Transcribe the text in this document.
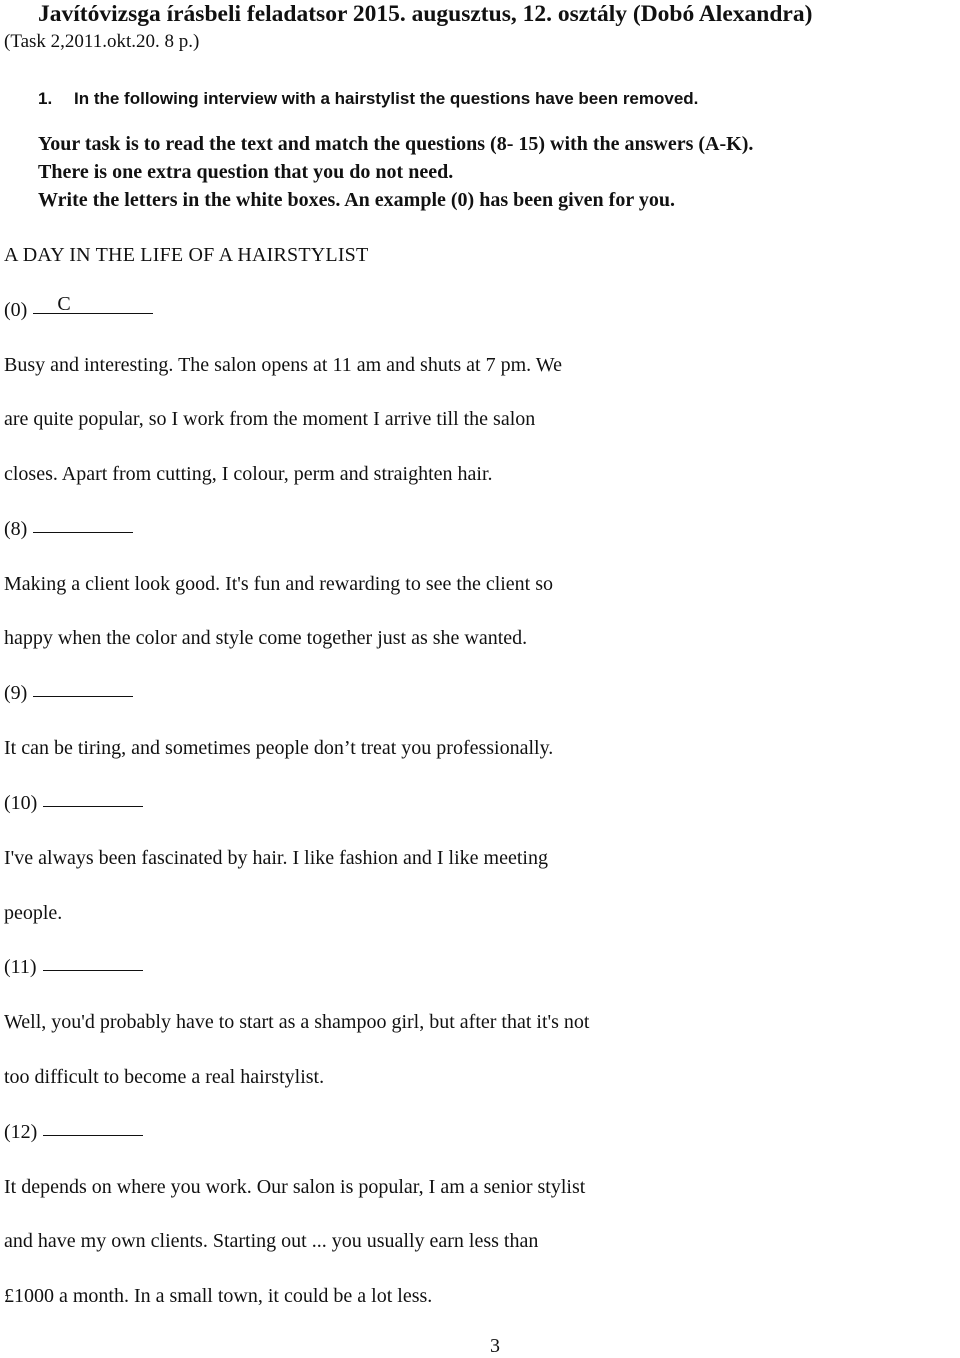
Javítóvizsga írásbeli feladatsor 2015. augusztus, 12. osztály (Dobó Alexandra)
(Task 2,2011.okt.20. 8 p.)
1. In the following interview with a hairstylist the questions have been removed.
Your task is to read the text and match the questions (8- 15) with the answers (A-K).
There is one extra question that you do not need.
Write the letters in the white boxes. An example (0) has been given for you.
A DAY IN THE LIFE OF A HAIRSTYLIST
(0) C
Busy and interesting. The salon opens at 11 am and shuts at 7 pm. We
are quite popular, so I work from the moment I arrive till the salon
closes. Apart from cutting, I colour, perm and straighten hair.
(8)
Making a client look good. It's fun and rewarding to see the client so
happy when the color and style come together just as she wanted.
(9)
It can be tiring, and sometimes people don’t treat you professionally.
(10)
I've always been fascinated by hair. I like fashion and I like meeting
people.
(11)
Well, you'd probably have to start as a shampoo girl, but after that it's not
too difficult to become a real hairstylist.
(12)
It depends on where you work. Our salon is popular, I am a senior stylist
and have my own clients. Starting out ... you usually earn less than
£1000 a month. In a small town, it could be a lot less.
3
